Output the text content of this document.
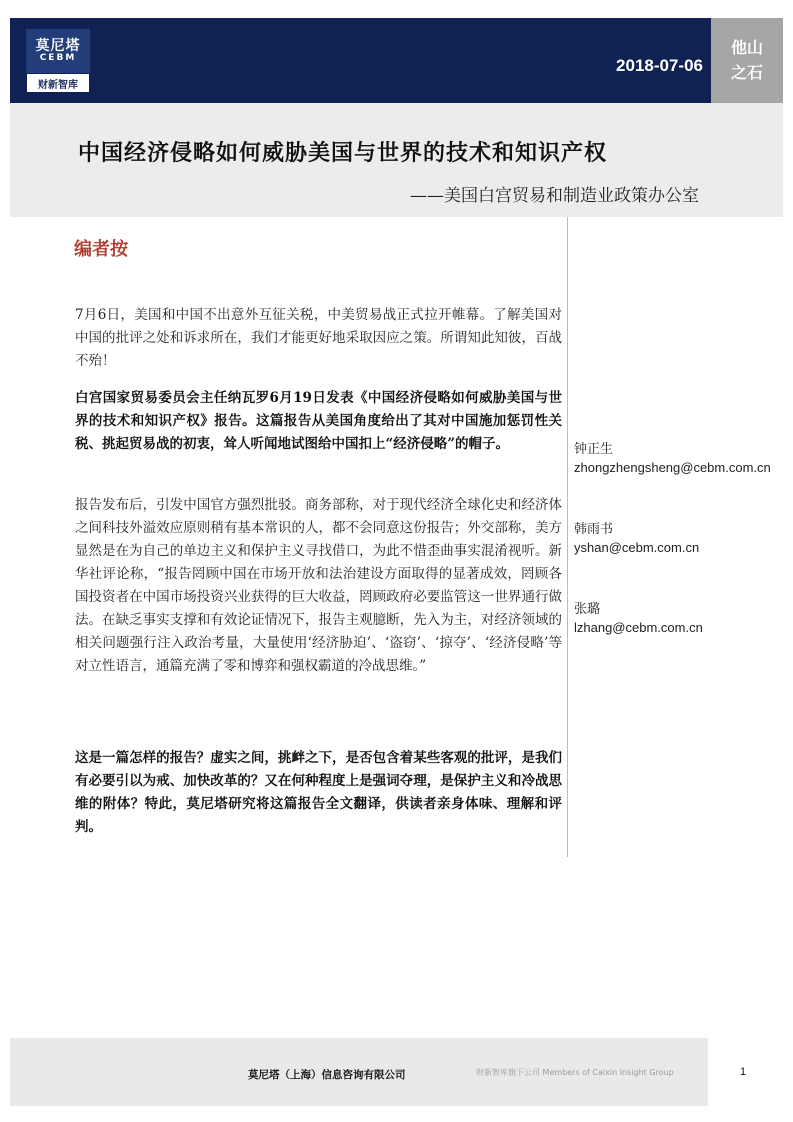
莫尼塔
CEBM
财新智库
2018-07-06
他山
之石
中国经济侵略如何威胁美国与世界的技术和知识产权
——美国白宫贸易和制造业政策办公室
编者按

7月6日，美国和中国不出意外互征关税，中美贸易战正式拉开帷幕。了解美国对中国的批评之处和诉求所在，我们才能更好地采取因应之策。所谓知此知彼，百战不殆！

白宫国家贸易委员会主任纳瓦罗6月19日发表《中国经济侵略如何威胁美国与世界的技术和知识产权》报告。这篇报告从美国角度给出了其对中国施加惩罚性关税、挑起贸易战的初衷，耸人听闻地试图给中国扣上“经济侵略”的帽子。

报告发布后，引发中国官方强烈批驳。商务部称，对于现代经济全球化史和经济体之间科技外溢效应原则稍有基本常识的人，都不会同意这份报告；外交部称，美方显然是在为自己的单边主义和保护主义寻找借口，为此不惜歪曲事实混淆视听。新华社评论称，“报告罔顾中国在市场开放和法治建设方面取得的显著成效，罔顾各国投资者在中国市场投资兴业获得的巨大收益，罔顾政府必要监管这一世界通行做法。在缺乏事实支撑和有效论证情况下，报告主观臆断，先入为主，对经济领域的相关问题强行注入政治考量，大量使用‘经济胁迫’、‘盗窃’、‘掠夺’、‘经济侵略’等对立性语言，通篇充满了零和博弈和强权霸道的冷战思维。”

这是一篇怎样的报告？虚实之间，挑衅之下，是否包含着某些客观的批评，是我们有必要引以为戒、加快改革的？又在何种程度上是强词夺理，是保护主义和冷战思维的附体？特此，莫尼塔研究将这篇报告全文翻译，供读者亲身体味、理解和评判。

钟正生
zhongzhengsheng@cebm.com.cn
韩雨书
yshan@cebm.com.cn
张璐
lzhang@cebm.com.cn
莫尼塔（上海）信息咨询有限公司	财新智库旗下公司 Members of Caixin Insight Group	1
